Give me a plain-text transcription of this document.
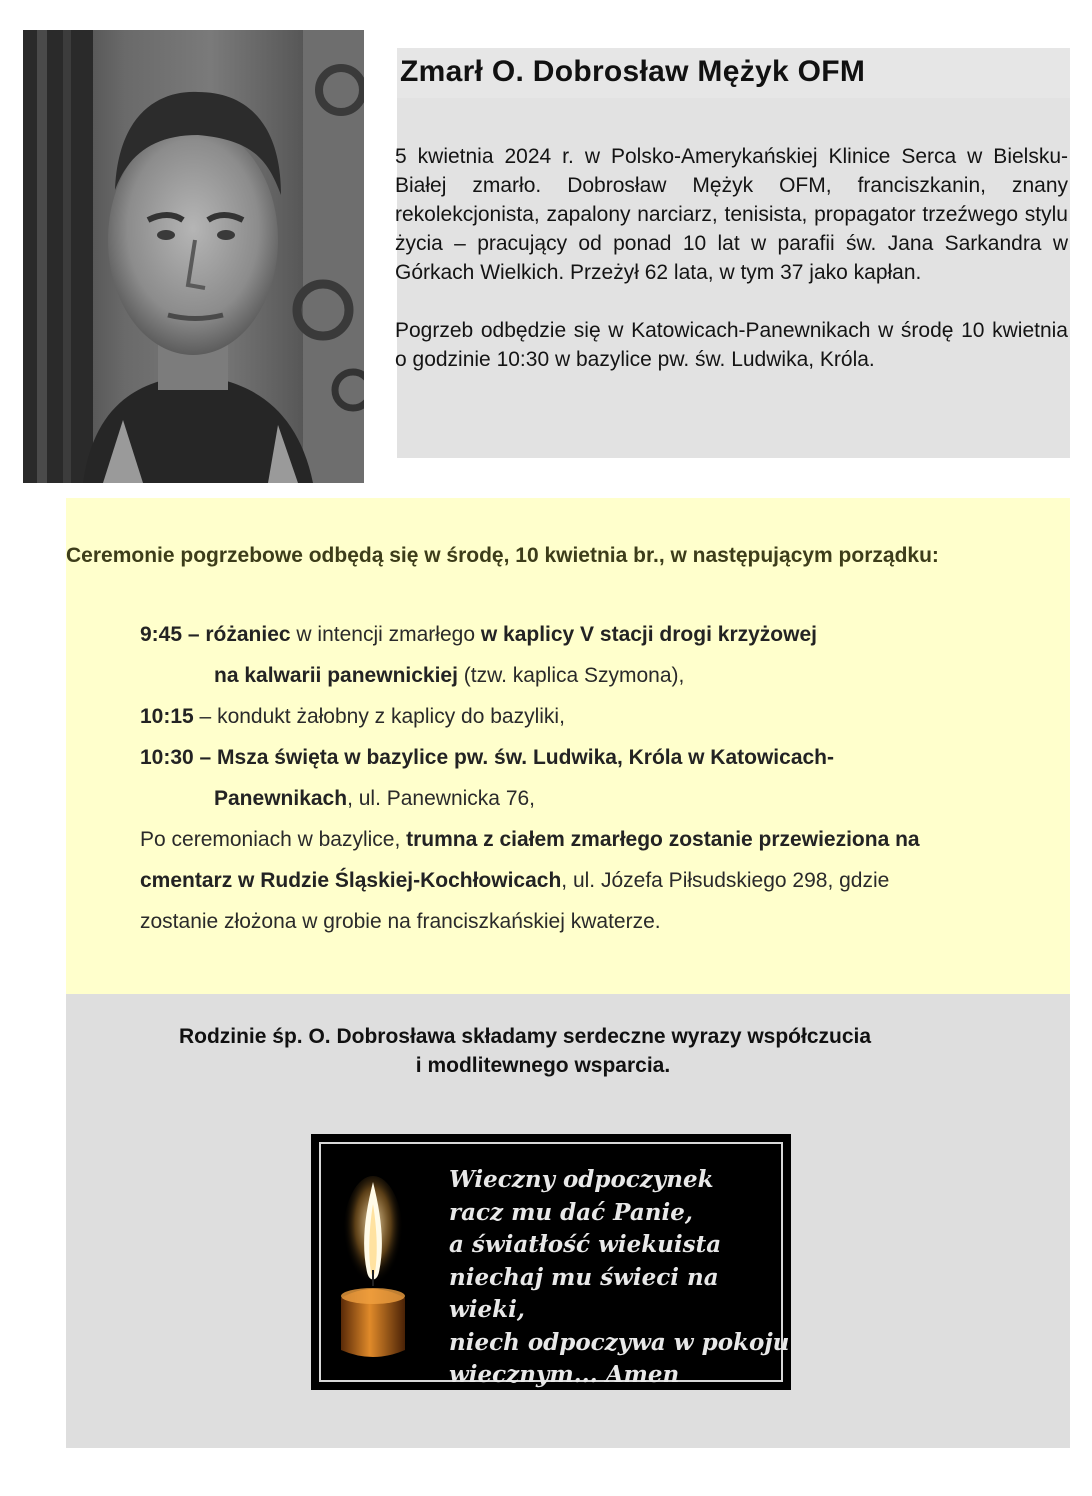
Zmarł O. Dobrosław Mężyk OFM

5 kwietnia 2024 r. w Polsko-Amerykańskiej Klinice Serca w Bielsku-Białej zmarło. Dobrosław Mężyk OFM, franciszkanin, znany rekolekcjonista, zapalony narciarz, tenisista, propagator trzeźwego stylu życia – pracujący od ponad 10 lat w parafii św. Jana Sarkandra w Górkach Wielkich. Przeżył 62 lata, w tym 37 jako kapłan.

Pogrzeb odbędzie się w Katowicach-Panewnikach w środę 10 kwietnia o godzinie 10:30 w bazylice pw. św. Ludwika, Króla.

Ceremonie pogrzebowe odbędą się w środę, 10 kwietnia br., w następującym porządku:

9:45 – różaniec w intencji zmarłego w kaplicy V stacji drogi krzyżowej
na kalwarii panewnickiej (tzw. kaplica Szymona),
10:15 – kondukt żałobny z kaplicy do bazyliki,
10:30 – Msza święta w bazylice pw. św. Ludwika, Króla w Katowicach-
Panewnikach, ul. Panewnicka 76,
Po ceremoniach w bazylice, trumna z ciałem zmarłego zostanie przewieziona na
cmentarz w Rudzie Śląskiej-Kochłowicach, ul. Józefa Piłsudskiego 298, gdzie
zostanie złożona w grobie na franciszkańskiej kwaterze.

Rodzinie śp. O. Dobrosława składamy serdeczne wyrazy współczucia
i modlitewnego wsparcia.

Wieczny odpoczynek
racz mu dać Panie,
a światłość wiekuista
niechaj mu świeci na wieki,
niech odpoczywa w pokoju
wiecznym... Amen
